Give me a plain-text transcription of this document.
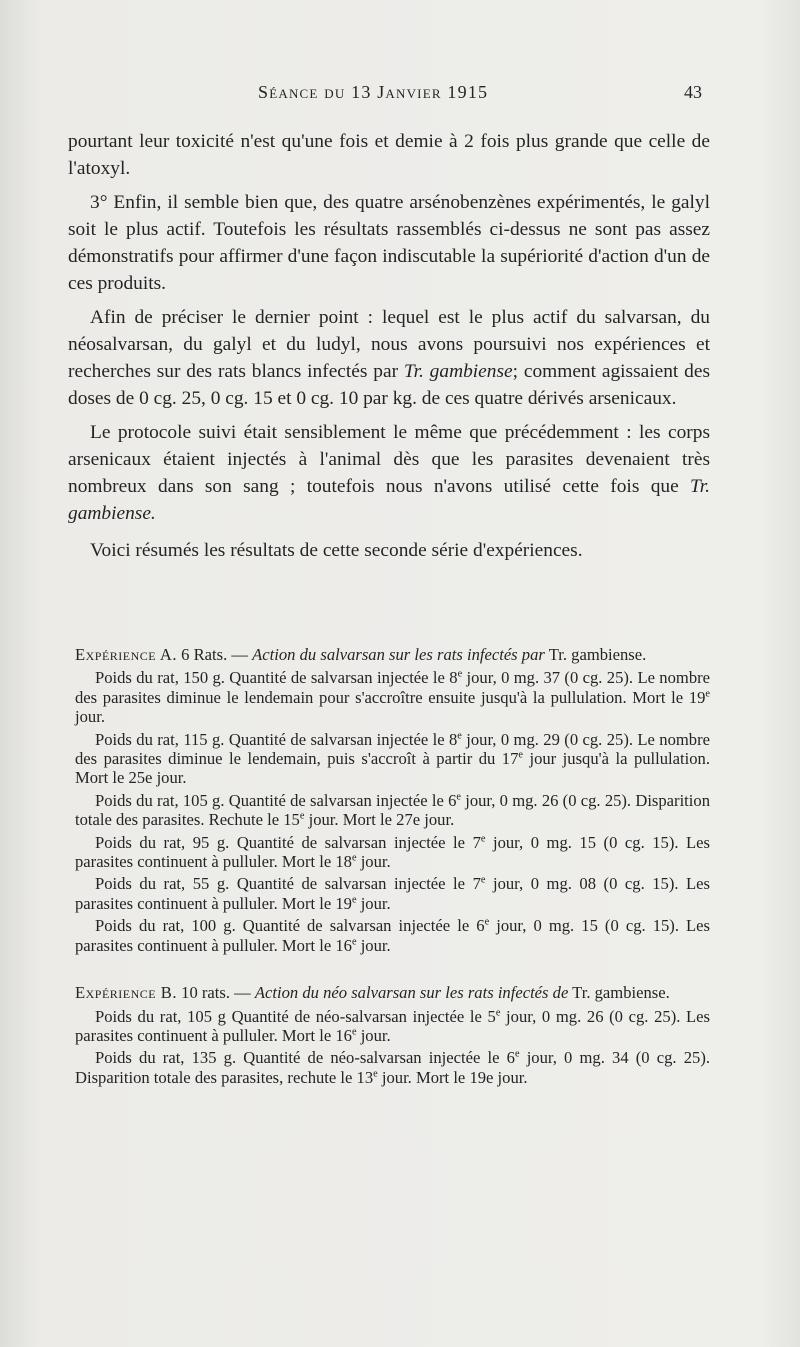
Séance du 13 Janvier 1915	43

pourtant leur toxicité n'est qu'une fois et demie à 2 fois plus grande que celle de l'atoxyl.

3° Enfin, il semble bien que, des quatre arsénobenzènes expérimentés, le galyl soit le plus actif. Toutefois les résultats rassemblés ci-dessus ne sont pas assez démonstratifs pour affirmer d'une façon indiscutable la supériorité d'action d'un de ces produits.

Afin de préciser le dernier point : lequel est le plus actif du salvarsan, du néosalvarsan, du galyl et du ludyl, nous avons poursuivi nos expériences et recherches sur des rats blancs infectés par Tr. gambiense; comment agissaient des doses de 0 cg. 25, 0 cg. 15 et 0 cg. 10 par kg. de ces quatre dérivés arsenicaux.

Le protocole suivi était sensiblement le même que précédemment : les corps arsenicaux étaient injectés à l'animal dès que les parasites devenaient très nombreux dans son sang ; toutefois nous n'avons utilisé cette fois que Tr. gambiense.

Voici résumés les résultats de cette seconde série d'expériences.

Expérience A. 6 Rats. — Action du salvarsan sur les rats infectés par Tr. gambiense.

Poids du rat, 150 g. Quantité de salvarsan injectée le 8e jour, 0 mg. 37 (0 cg. 25). Le nombre des parasites diminue le lendemain pour s'accroître ensuite jusqu'à la pullulation. Mort le 19e jour.

Poids du rat, 115 g. Quantité de salvarsan injectée le 8e jour, 0 mg. 29 (0 cg. 25). Le nombre des parasites diminue le lendemain, puis s'accroît à partir du 17e jour jusqu'à la pullulation. Mort le 25e jour.

Poids du rat, 105 g. Quantité de salvarsan injectée le 6e jour, 0 mg. 26 (0 cg. 25). Disparition totale des parasites. Rechute le 15e jour. Mort le 27e jour.

Poids du rat, 95 g. Quantité de salvarsan injectée le 7e jour, 0 mg. 15 (0 cg. 15). Les parasites continuent à pulluler. Mort le 18e jour.

Poids du rat, 55 g. Quantité de salvarsan injectée le 7e jour, 0 mg. 08 (0 cg. 15). Les parasites continuent à pulluler. Mort le 19e jour.

Poids du rat, 100 g. Quantité de salvarsan injectée le 6e jour, 0 mg. 15 (0 cg. 15). Les parasites continuent à pulluler. Mort le 16e jour.

Expérience B. 10 rats. — Action du néo salvarsan sur les rats infectés de Tr. gambiense.

Poids du rat, 105 g Quantité de néo-salvarsan injectée le 5e jour, 0 mg. 26 (0 cg. 25). Les parasites continuent à pulluler. Mort le 16e jour.

Poids du rat, 135 g. Quantité de néo-salvarsan injectée le 6e jour, 0 mg. 34 (0 cg. 25). Disparition totale des parasites, rechute le 13e jour. Mort le 19e jour.
